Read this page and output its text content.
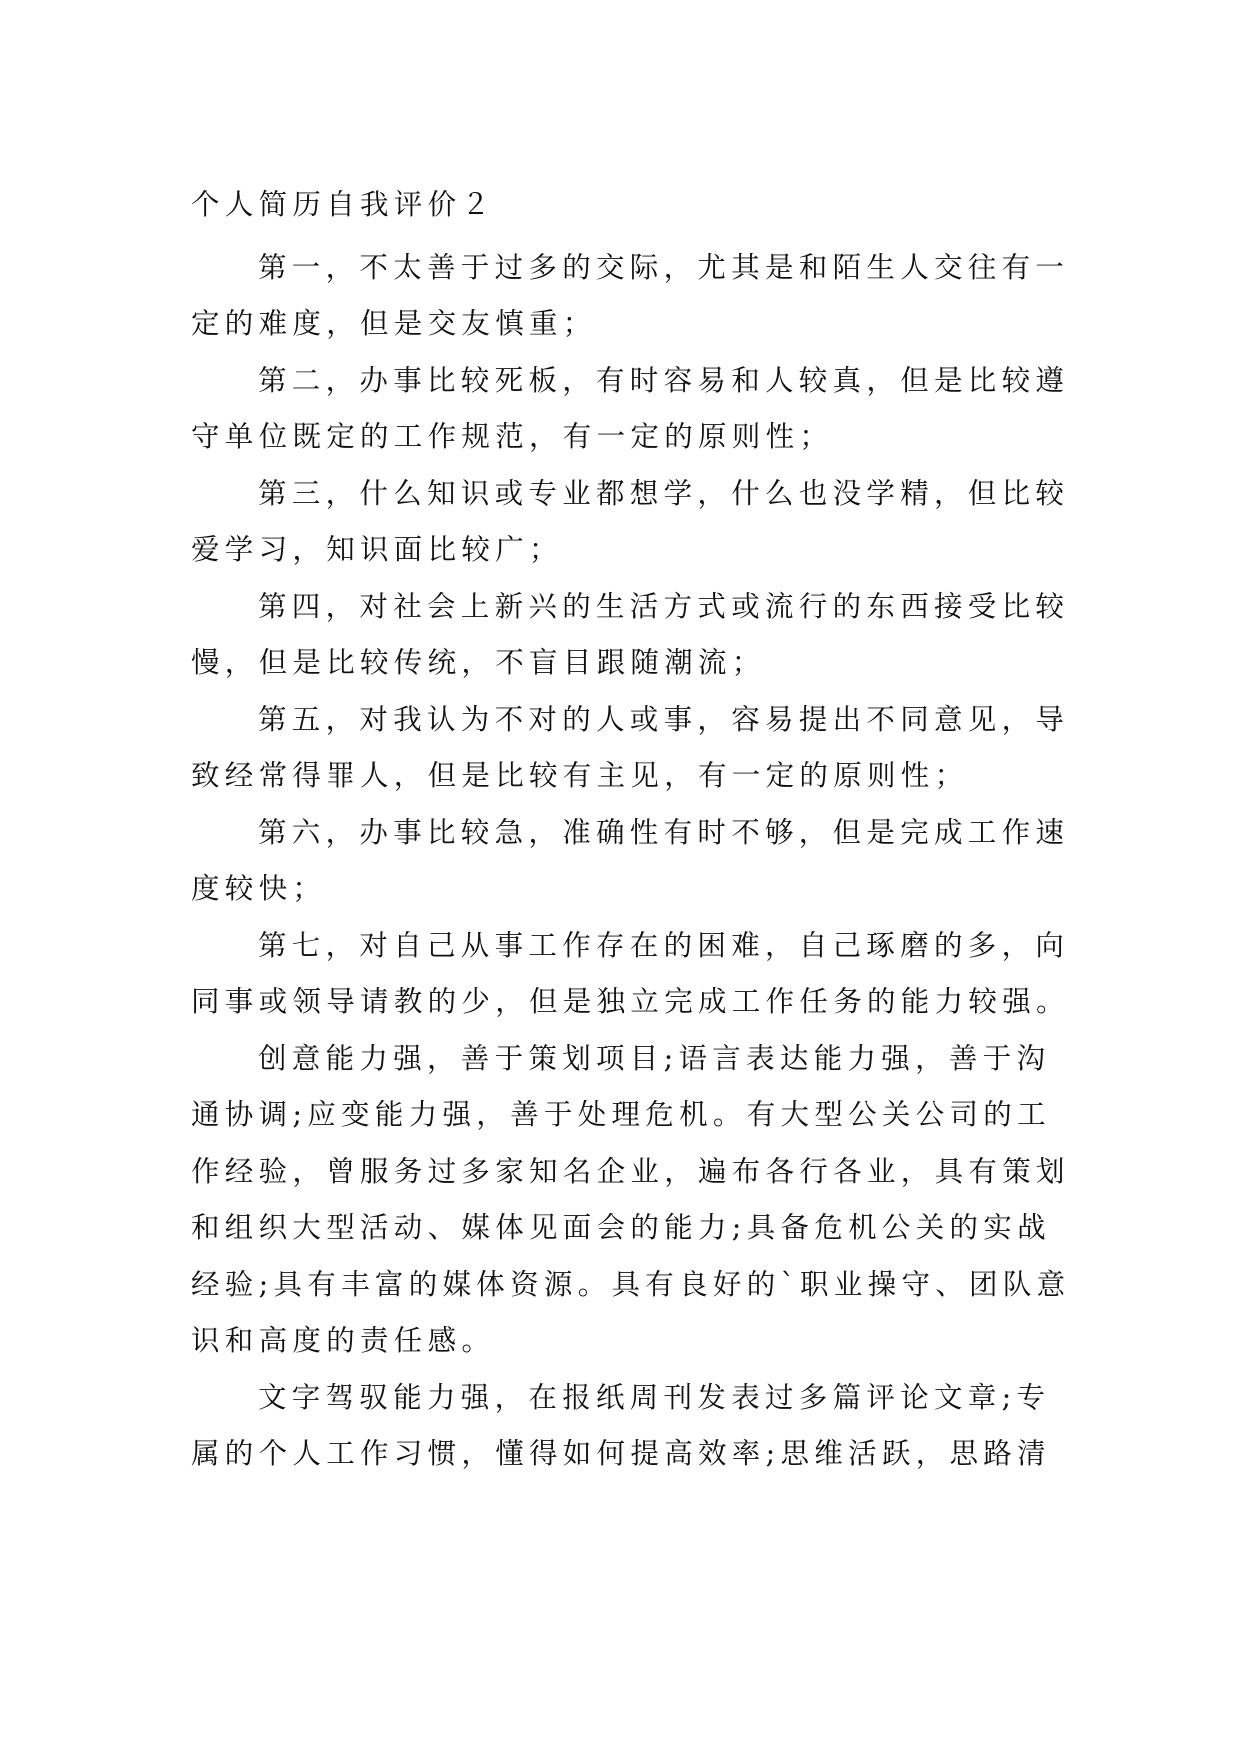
个人简历自我评价２

第一，不太善于过多的交际，尤其是和陌生人交往有一

定的难度，但是交友慎重；

第二，办事比较死板，有时容易和人较真，但是比较遵

守单位既定的工作规范，有一定的原则性；

第三，什么知识或专业都想学，什么也没学精，但比较

爱学习，知识面比较广；

第四，对社会上新兴的生活方式或流行的东西接受比较

慢，但是比较传统，不盲目跟随潮流；

第五，对我认为不对的人或事，容易提出不同意见，导

致经常得罪人，但是比较有主见，有一定的原则性；

第六，办事比较急，准确性有时不够，但是完成工作速

度较快；

第七，对自己从事工作存在的困难，自己琢磨的多，向

同事或领导请教的少，但是独立完成工作任务的能力较强。

创意能力强，善于策划项目;语言表达能力强，善于沟

通协调;应变能力强，善于处理危机。有大型公关公司的工

作经验，曾服务过多家知名企业，遍布各行各业，具有策划

和组织大型活动、媒体见面会的能力;具备危机公关的实战

经验;具有丰富的媒体资源。具有良好的`职业操守、团队意

识和高度的责任感。

文字驾驭能力强，在报纸周刊发表过多篇评论文章;专

属的个人工作习惯，懂得如何提高效率;思维活跃，思路清
